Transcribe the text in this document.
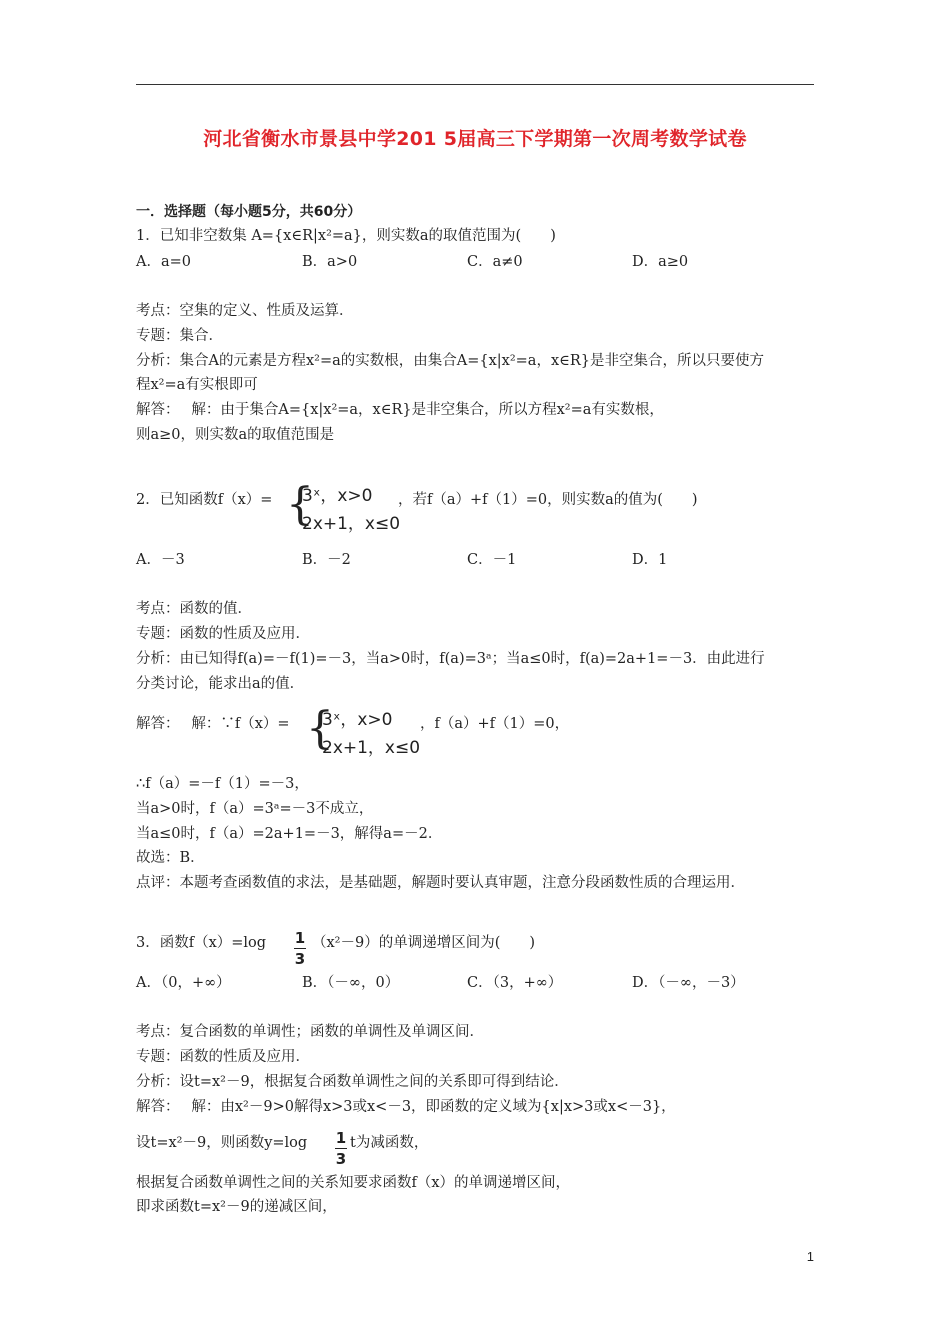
河北省衡水市景县中学201 5届高三下学期第一次周考数学试卷
一．选择题（每小题5分，共60分）
1．已知非空数集 A={x∈R|x²=a}，则实数a的取值范围为(　　)
A．a=0	B．a>0	C．a≠0	D．a≥0
考点：空集的定义、性质及运算．
专题：集合．
分析：集合A的元素是方程x²=a的实数根，由集合A={x|x²=a，x∈R}是非空集合，所以只要使方
程x²=a有实根即可
解答：　 解：由于集合A={x|x²=a，x∈R}是非空集合，所以方程x²=a有实数根，
则a≥0，则实数a的取值范围是
2．已知函数f（x）= {
3ˣ，x>0
2x+1，x≤0
，若f（a）+f（1）=0，则实数a的值为(　　)
A．－3	B．－2	C．－1	D．1
考点：函数的值．
专题：函数的性质及应用．
分析：由已知得f(a)=－f(1)=－3，当a>0时，f(a)=3ᵃ；当a≤0时，f(a)=2a+1=－3．由此进行
分类讨论，能求出a的值．
解答：　 解：∵f（x）= {
3ˣ，x>0
2x+1，x≤0
，f（a）+f（1）=0，
∴f（a）=－f（1）=－3，
当a>0时，f（a）=3ᵃ=－3不成立，
当a≤0时，f（a）=2a+1=－3，解得a=－2．
故选：B．
点评：本题考查函数值的求法，是基础题，解题时要认真审题，注意分段函数性质的合理运用．
3．函数f（x）=log 1
3
（x²－9）的单调递增区间为(　　)
A．（0，+∞）	B．（－∞，0）	C．（3，+∞）	D．（－∞，－3）
考点：复合函数的单调性；函数的单调性及单调区间．
专题：函数的性质及应用．
分析：设t=x²－9，根据复合函数单调性之间的关系即可得到结论．
解答：　 解：由x²－9>0解得x>3或x<－3，即函数的定义域为{x|x>3或x<－3}，
设t=x²－9，则函数y=log 1
3
t为减函数，
根据复合函数单调性之间的关系知要求函数f（x）的单调递增区间，
即求函数t=x²－9的递减区间，
1
